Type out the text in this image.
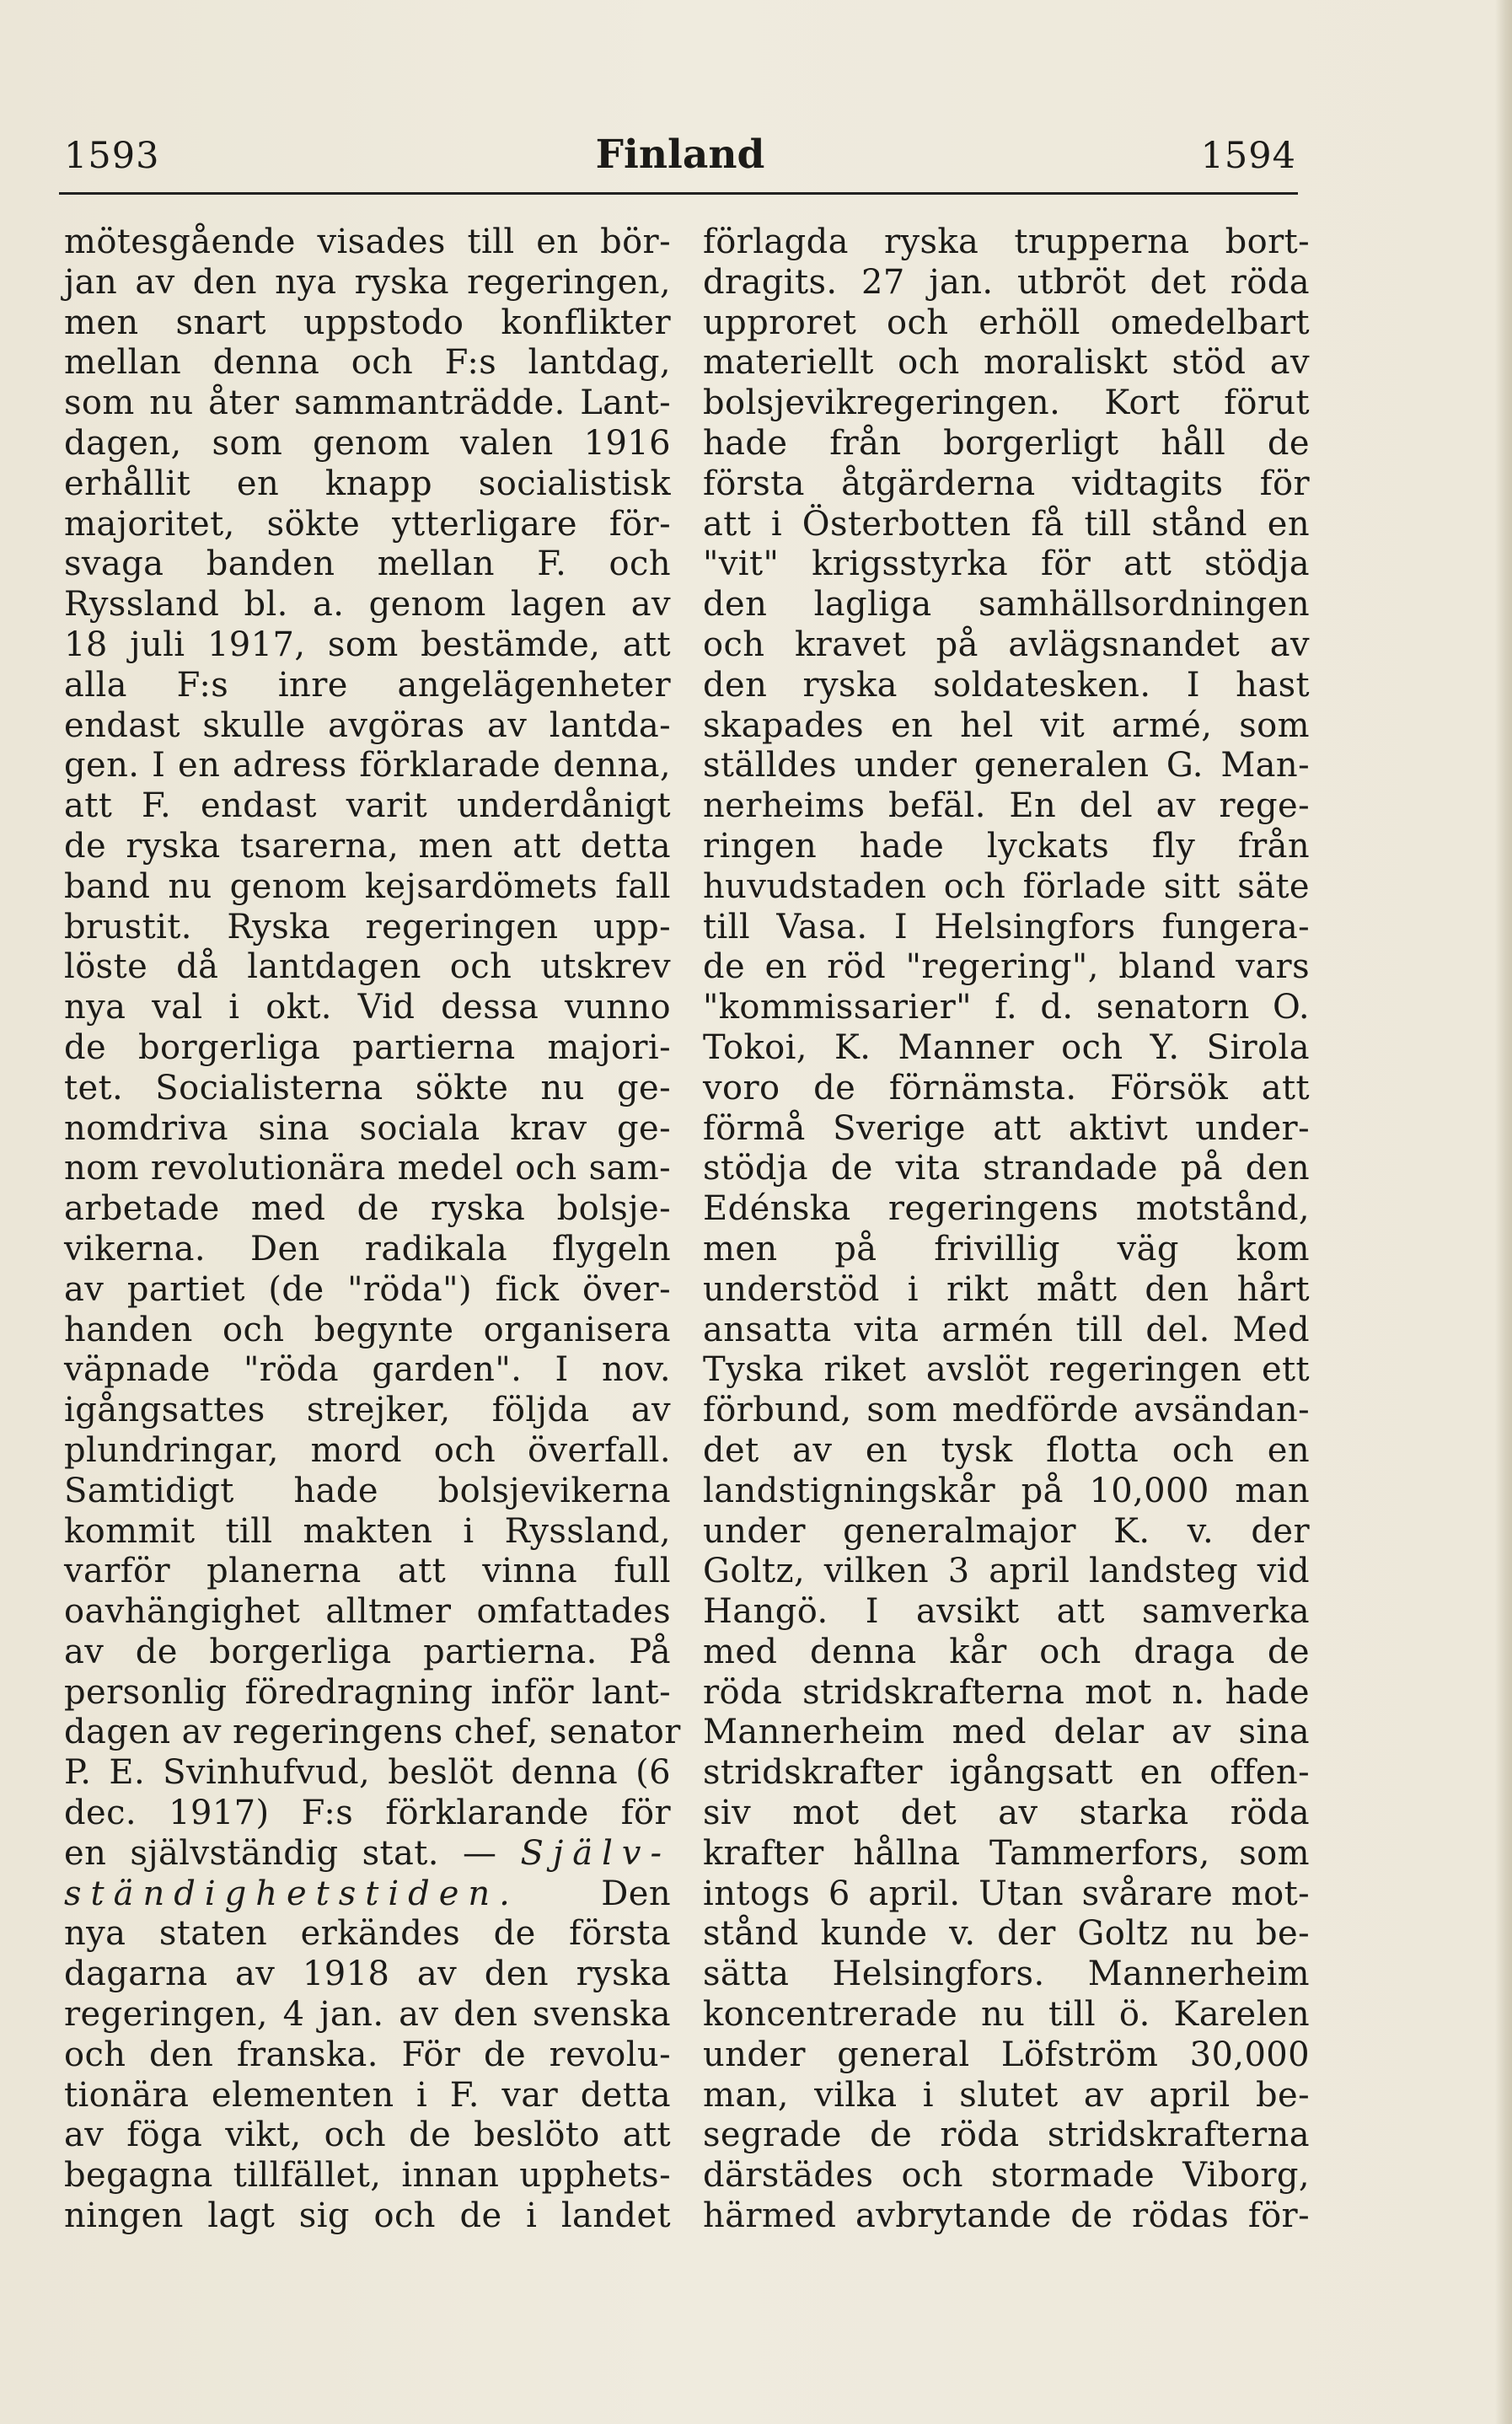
1593	Finland	1594
mötesgående visades till en bör-
jan av den nya ryska regeringen,
men snart uppstodo konflikter
mellan denna och F:s lantdag,
som nu åter sammanträdde. Lant-
dagen, som genom valen 1916
erhållit en knapp socialistisk
majoritet, sökte ytterligare för-
svaga banden mellan F. och
Ryssland bl. a. genom lagen av
18 juli 1917, som bestämde, att
alla F:s inre angelägenheter
endast skulle avgöras av lantda-
gen. I en adress förklarade denna,
att F. endast varit underdånigt
de ryska tsarerna, men att detta
band nu genom kejsardömets fall
brustit. Ryska regeringen upp-
löste då lantdagen och utskrev
nya val i okt. Vid dessa vunno
de borgerliga partierna majori-
tet. Socialisterna sökte nu ge-
nomdriva sina sociala krav ge-
nom revolutionära medel och sam-
arbetade med de ryska bolsje-
vikerna. Den radikala flygeln
av partiet (de "röda") fick över-
handen och begynte organisera
väpnade "röda garden". I nov.
igångsattes strejker, följda av
plundringar, mord och överfall.
Samtidigt hade bolsjevikerna
kommit till makten i Ryssland,
varför planerna att vinna full
oavhängighet alltmer omfattades
av de borgerliga partierna. På
personlig föredragning inför lant-
dagen av regeringens chef, senator
P. E. Svinhufvud, beslöt denna (6
dec. 1917) F:s förklarande för
en självständig stat. — Själv-
ständighetstiden. Den
nya staten erkändes de första
dagarna av 1918 av den ryska
regeringen, 4 jan. av den svenska
och den franska. För de revolu-
tionära elementen i F. var detta
av föga vikt, och de beslöto att
begagna tillfället, innan upphets-
ningen lagt sig och de i landet
förlagda ryska trupperna bort-
dragits. 27 jan. utbröt det röda
upproret och erhöll omedelbart
materiellt och moraliskt stöd av
bolsjevikregeringen. Kort förut
hade från borgerligt håll de
första åtgärderna vidtagits för
att i Österbotten få till stånd en
"vit" krigsstyrka för att stödja
den lagliga samhällsordningen
och kravet på avlägsnandet av
den ryska soldatesken. I hast
skapades en hel vit armé, som
ställdes under generalen G. Man-
nerheims befäl. En del av rege-
ringen hade lyckats fly från
huvudstaden och förlade sitt säte
till Vasa. I Helsingfors fungera-
de en röd "regering", bland vars
"kommissarier" f. d. senatorn O.
Tokoi, K. Manner och Y. Sirola
voro de förnämsta. Försök att
förmå Sverige att aktivt under-
stödja de vita strandade på den
Edénska regeringens motstånd,
men på frivillig väg kom
understöd i rikt mått den hårt
ansatta vita armén till del. Med
Tyska riket avslöt regeringen ett
förbund, som medförde avsändan-
det av en tysk flotta och en
landstigningskår på 10,000 man
under generalmajor K. v. der
Goltz, vilken 3 april landsteg vid
Hangö. I avsikt att samverka
med denna kår och draga de
röda stridskrafterna mot n. hade
Mannerheim med delar av sina
stridskrafter igångsatt en offen-
siv mot det av starka röda
krafter hållna Tammerfors, som
intogs 6 april. Utan svårare mot-
stånd kunde v. der Goltz nu be-
sätta Helsingfors. Mannerheim
koncentrerade nu till ö. Karelen
under general Löfström 30,000
man, vilka i slutet av april be-
segrade de röda stridskrafterna
därstädes och stormade Viborg,
härmed avbrytande de rödas för-
